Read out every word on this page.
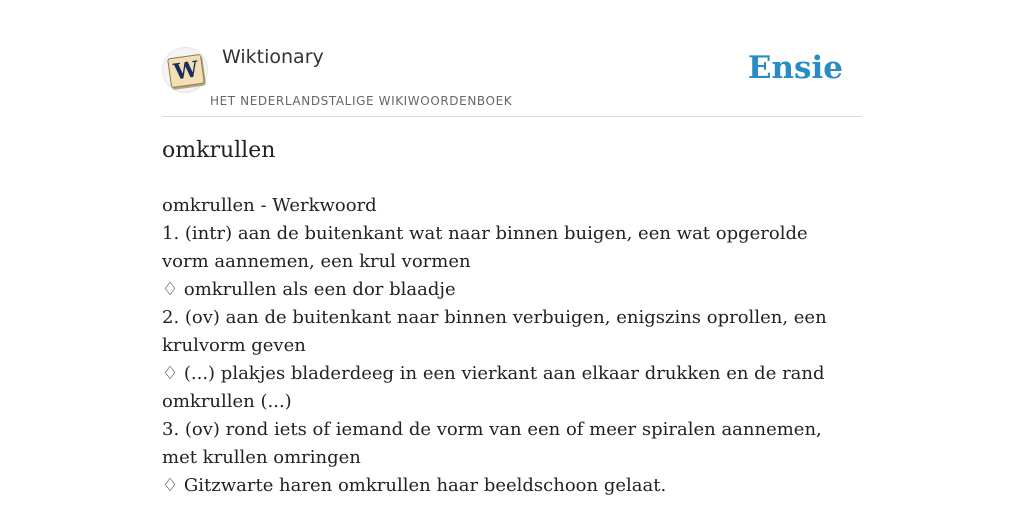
W Wiktionary
HET NEDERLANDSTALIGE WIKIWOORDENBOEK
Ensie
omkrullen

omkrullen - Werkwoord

1. (intr) aan de buitenkant wat naar binnen buigen, een wat opgerolde vorm aannemen, een krul vormen

♢ omkrullen als een dor blaadje

2. (ov) aan de buitenkant naar binnen verbuigen, enigszins oprollen, een krulvorm geven

♢ (...) plakjes bladerdeeg in een vierkant aan elkaar drukken en de rand omkrullen (...)

3. (ov) rond iets of iemand de vorm van een of meer spiralen aannemen, met krullen omringen

♢ Gitzwarte haren omkrullen haar beeldschoon gelaat.
